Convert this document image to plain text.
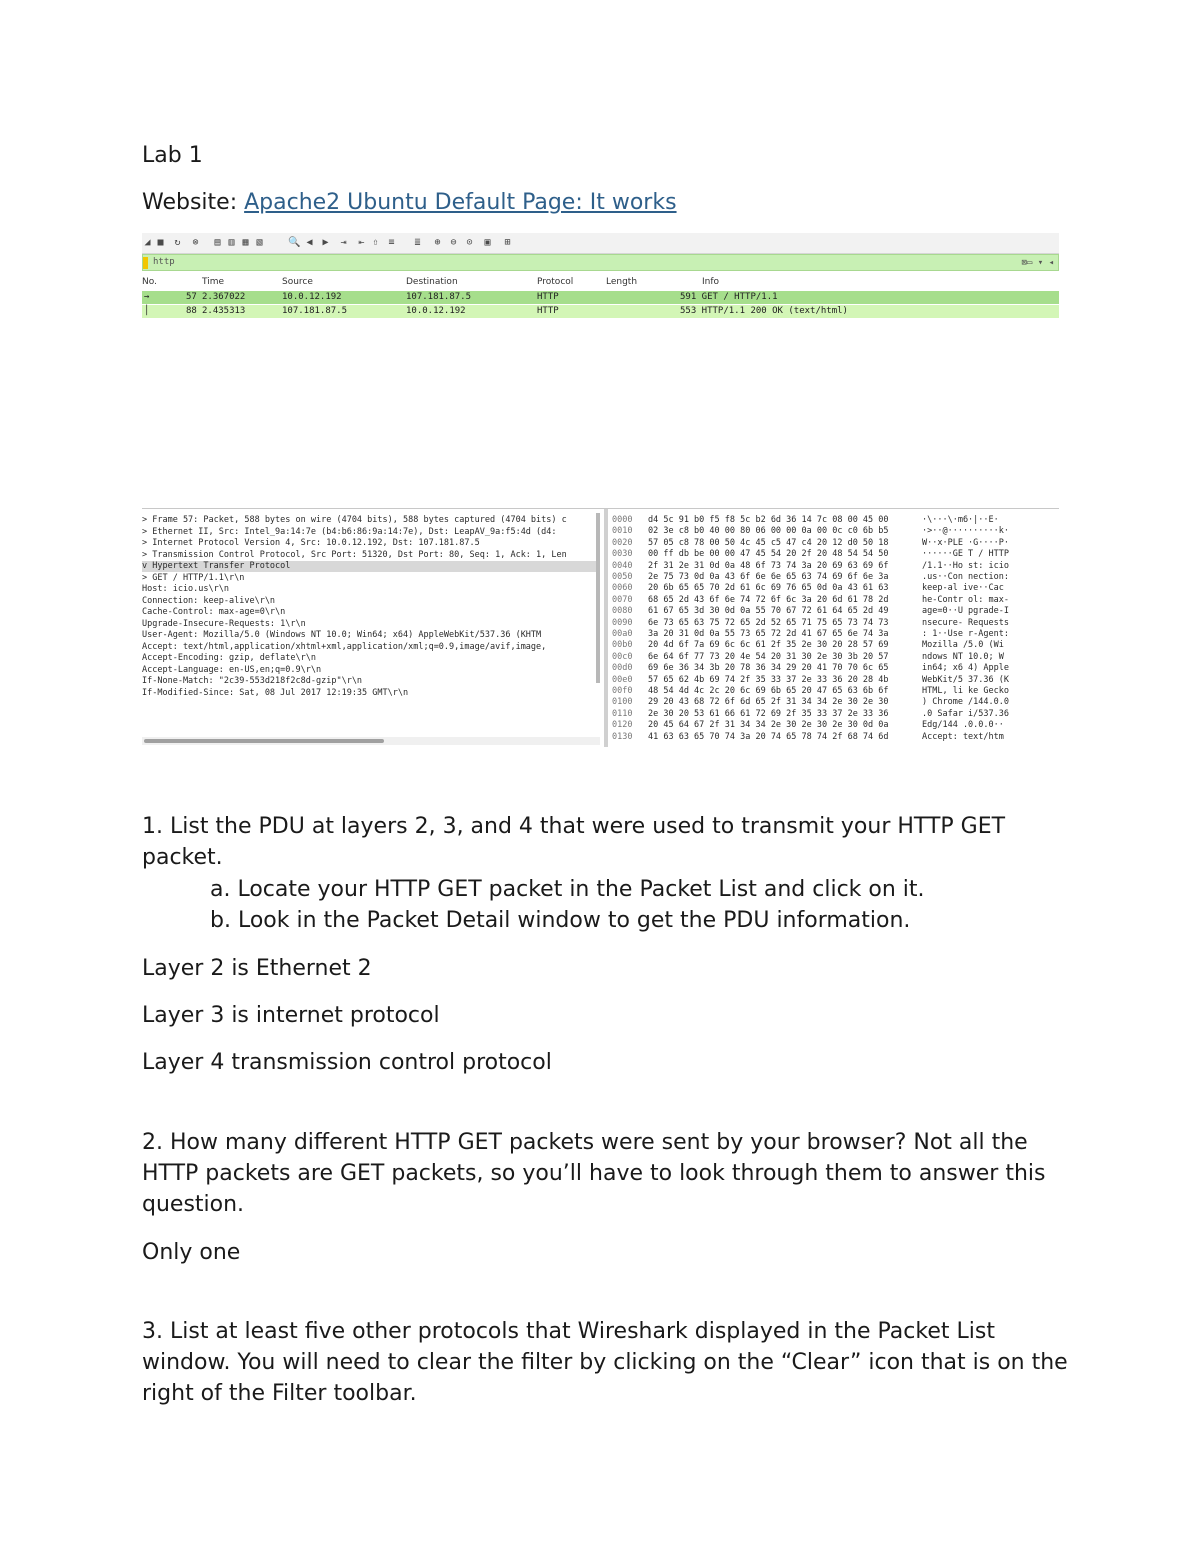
Lab 1
Website: Apache2 Ubuntu Default Page: It works
◢ ■ ↻ ⊗ ▤ ▥ ▦ ▧	🔍 ◀ ▶ ⇥ ⇤ ⇧ ≡ ≣ ⊕ ⊖ ⊙ ▣ ⊞
http	⊠▭ ▾ ◂
No.	Time	Source	Destination	Protocol	Length	Info
→	57 2.367022	10.0.12.192	107.181.87.5	HTTP	591 GET / HTTP/1.1
│	88 2.435313	107.181.87.5	10.0.12.192	HTTP	553 HTTP/1.1 200 OK (text/html)
> Frame 57: Packet, 588 bytes on wire (4704 bits), 588 bytes captured (4704 bits) c
> Ethernet II, Src: Intel_9a:14:7e (b4:b6:86:9a:14:7e), Dst: LeapAV_9a:f5:4d (d4:
> Internet Protocol Version 4, Src: 10.0.12.192, Dst: 107.181.87.5
> Transmission Control Protocol, Src Port: 51320, Dst Port: 80, Seq: 1, Ack: 1, Len
v Hypertext Transfer Protocol
> GET / HTTP/1.1\r\n
Host: icio.us\r\n
Connection: keep-alive\r\n
Cache-Control: max-age=0\r\n
Upgrade-Insecure-Requests: 1\r\n
User-Agent: Mozilla/5.0 (Windows NT 10.0; Win64; x64) AppleWebKit/537.36 (KHTM
Accept: text/html,application/xhtml+xml,application/xml;q=0.9,image/avif,image,
Accept-Encoding: gzip, deflate\r\n
Accept-Language: en-US,en;q=0.9\r\n
If-None-Match: "2c39-553d218f2c8d-gzip"\r\n
If-Modified-Since: Sat, 08 Jul 2017 12:19:35 GMT\r\n
0000 d4 5c 91 b0 f5 f8 5c b2 6d 36 14 7c 08 00 45 00	·\···\·m6·|··E·
0010 02 3e c8 b0 40 00 80 06 00 00 0a 00 0c c0 6b b5	·>··@··········k·
0020 57 05 c8 78 00 50 4c 45 c5 47 c4 20 12 d0 50 18	W··x·PLE ·G····P·
0030 00 ff db be 00 00 47 45 54 20 2f 20 48 54 54 50	······GE T / HTTP
0040 2f 31 2e 31 0d 0a 48 6f 73 74 3a 20 69 63 69 6f	/1.1··Ho st: icio
0050 2e 75 73 0d 0a 43 6f 6e 6e 65 63 74 69 6f 6e 3a	.us··Con nection:
0060 20 6b 65 65 70 2d 61 6c 69 76 65 0d 0a 43 61 63	keep-al ive··Cac
0070 68 65 2d 43 6f 6e 74 72 6f 6c 3a 20 6d 61 78 2d	he-Contr ol: max-
0080 61 67 65 3d 30 0d 0a 55 70 67 72 61 64 65 2d 49	age=0··U pgrade-I
0090 6e 73 65 63 75 72 65 2d 52 65 71 75 65 73 74 73	nsecure- Requests
00a0 3a 20 31 0d 0a 55 73 65 72 2d 41 67 65 6e 74 3a	: 1··Use r-Agent:
00b0 20 4d 6f 7a 69 6c 6c 61 2f 35 2e 30 20 28 57 69	Mozilla /5.0 (Wi
00c0 6e 64 6f 77 73 20 4e 54 20 31 30 2e 30 3b 20 57	ndows NT 10.0; W
00d0 69 6e 36 34 3b 20 78 36 34 29 20 41 70 70 6c 65	in64; x6 4) Apple
00e0 57 65 62 4b 69 74 2f 35 33 37 2e 33 36 20 28 4b	WebKit/5 37.36 (K
00f0 48 54 4d 4c 2c 20 6c 69 6b 65 20 47 65 63 6b 6f	HTML, li ke Gecko
0100 29 20 43 68 72 6f 6d 65 2f 31 34 34 2e 30 2e 30	) Chrome /144.0.0
0110 2e 30 20 53 61 66 61 72 69 2f 35 33 37 2e 33 36	.0 Safar i/537.36
0120 20 45 64 67 2f 31 34 34 2e 30 2e 30 2e 30 0d 0a	Edg/144 .0.0.0··
0130 41 63 63 65 70 74 3a 20 74 65 78 74 2f 68 74 6d	Accept: text/htm
1. List the PDU at layers 2, 3, and 4 that were used to transmit your HTTP GET packet.
a. Locate your HTTP GET packet in the Packet List and click on it.
b. Look in the Packet Detail window to get the PDU information.
Layer 2 is Ethernet 2
Layer 3 is internet protocol
Layer 4 transmission control protocol
2. How many different HTTP GET packets were sent by your browser? Not all the HTTP packets are GET packets, so you’ll have to look through them to answer this question.
Only one
3. List at least five other protocols that Wireshark displayed in the Packet List window. You will need to clear the filter by clicking on the “Clear” icon that is on the right of the Filter toolbar.
